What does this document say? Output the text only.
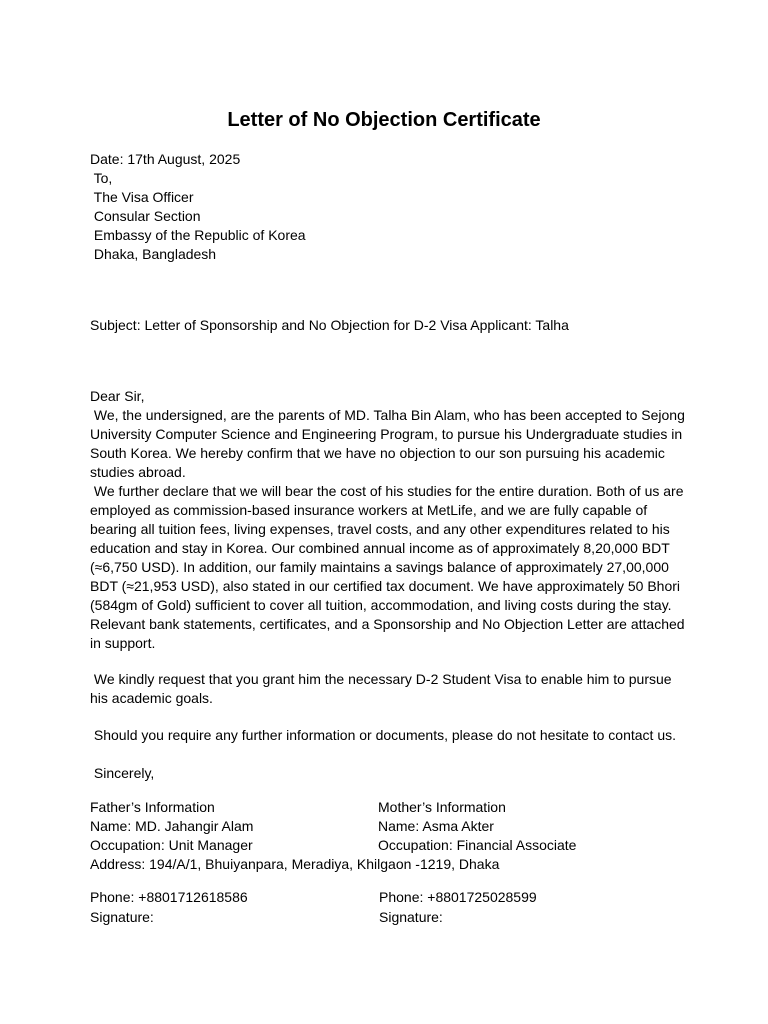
Letter of No Objection Certificate
Date: 17th August, 2025
To,
The Visa Officer
Consular Section
Embassy of the Republic of Korea
Dhaka, Bangladesh
Subject: Letter of Sponsorship and No Objection for D-2 Visa Applicant: Talha
Dear Sir,
We, the undersigned, are the parents of MD. Talha Bin Alam, who has been accepted to Sejong
University Computer Science and Engineering Program, to pursue his Undergraduate studies in
South Korea. We hereby confirm that we have no objection to our son pursuing his academic
studies abroad.
We further declare that we will bear the cost of his studies for the entire duration. Both of us are
employed as commission-based insurance workers at MetLife, and we are fully capable of
bearing all tuition fees, living expenses, travel costs, and any other expenditures related to his
education and stay in Korea. Our combined annual income as of approximately 8,20,000 BDT
(≈6,750 USD). In addition, our family maintains a savings balance of approximately 27,00,000
BDT (≈21,953 USD), also stated in our certified tax document. We have approximately 50 Bhori
(584gm of Gold) sufficient to cover all tuition, accommodation, and living costs during the stay.
Relevant bank statements, certificates, and a Sponsorship and No Objection Letter are attached
in support.
We kindly request that you grant him the necessary D-2 Student Visa to enable him to pursue
his academic goals.
Should you require any further information or documents, please do not hesitate to contact us.
Sincerely,
Father’s Information
Name: MD. Jahangir Alam
Occupation: Unit Manager
Mother’s Information
Name: Asma Akter
Occupation: Financial Associate
Address: 194/A/1, Bhuiyanpara, Meradiya, Khilgaon -1219, Dhaka
Phone: +8801712618586
Signature:
Phone: +8801725028599
Signature:
